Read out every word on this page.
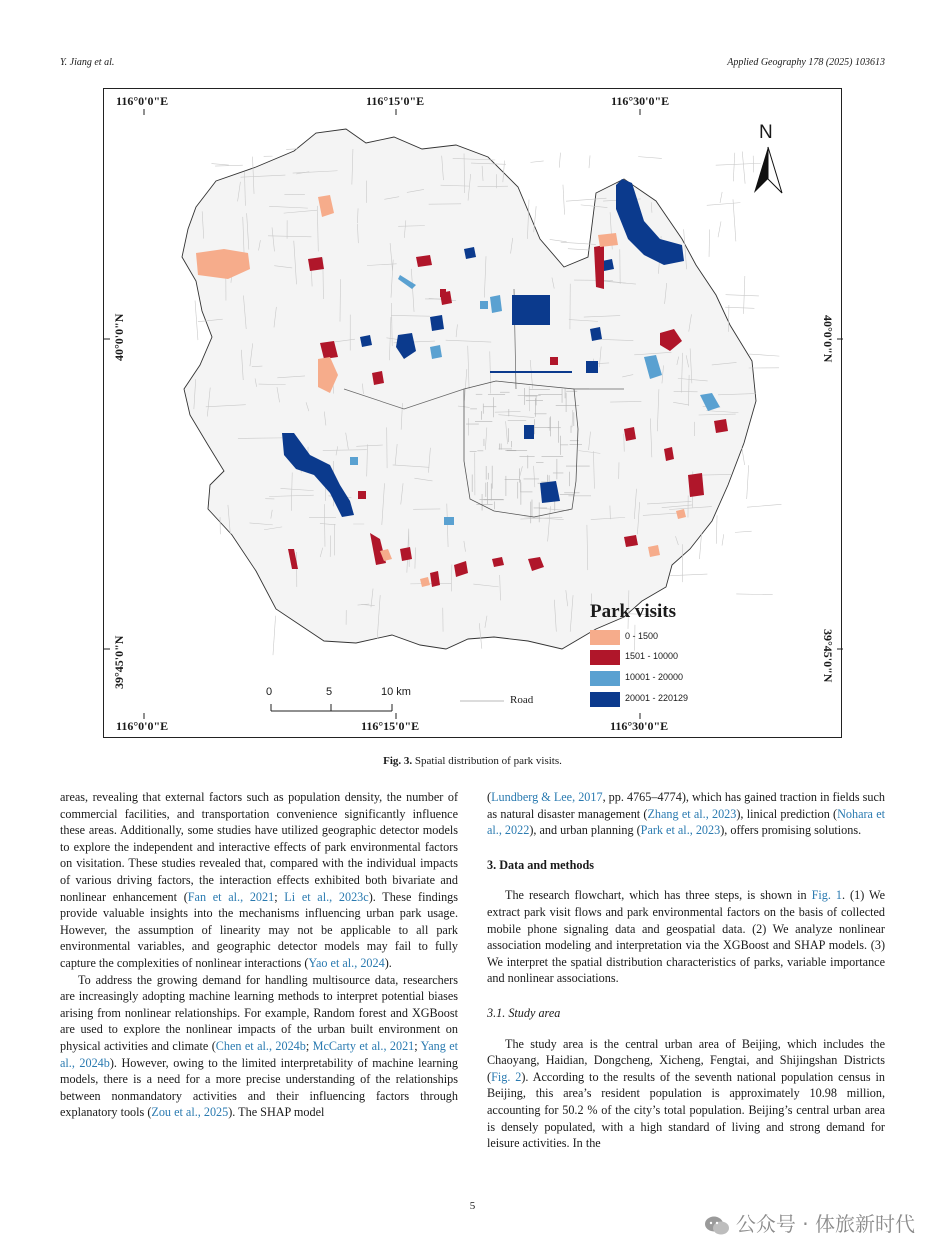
Y. Jiang et al.	Applied Geography 178 (2025) 103613
116°0'0"E	116°15'0"E	116°30'0"E
116°0'0"E	116°15'0"E	116°30'0"E
40°0'0"N
39°45'0"N
40°0'0"N
39°45'0"N
N
0	5	10 km
Road
Park visits
0 - 1500
1501 - 10000
10001 - 20000
20001 - 220129
Fig. 3. Spatial distribution of park visits.

areas, revealing that external factors such as population density, the number of commercial facilities, and transportation convenience significantly influence these areas. Additionally, some studies have utilized geographic detector models to explore the independent and interactive effects of park environmental factors on visitation. These studies revealed that, compared with the individual impacts of various driving factors, the interaction effects exhibited both bivariate and nonlinear enhancement (Fan et al., 2021; Li et al., 2023c). These findings provide valuable insights into the mechanisms influencing urban park usage. However, the assumption of linearity may not be applicable to all park environmental variables, and geographic detector models may fail to fully capture the complexities of nonlinear interactions (Yao et al., 2024).

To address the growing demand for handling multisource data, researchers are increasingly adopting machine learning methods to interpret potential biases arising from nonlinear relationships. For example, Random forest and XGBoost are used to explore the nonlinear impacts of the urban built environment on physical activities and climate (Chen et al., 2024b; McCarty et al., 2021; Yang et al., 2024b). However, owing to the limited interpretability of machine learning models, there is a need for a more precise understanding of the relationships between nonmandatory activities and their influencing factors through explanatory tools (Zou et al., 2025). The SHAP model

(Lundberg & Lee, 2017, pp. 4765–4774), which has gained traction in fields such as natural disaster management (Zhang et al., 2023), linical prediction (Nohara et al., 2022), and urban planning (Park et al., 2023), offers promising solutions.

3. Data and methods

The research flowchart, which has three steps, is shown in Fig. 1. (1) We extract park visit flows and park environmental factors on the basis of collected mobile phone signaling data and geospatial data. (2) We analyze nonlinear association modeling and interpretation via the XGBoost and SHAP models. (3) We interpret the spatial distribution characteristics of parks, variable importance and nonlinear associations.

3.1. Study area

The study area is the central urban area of Beijing, which includes the Chaoyang, Haidian, Dongcheng, Xicheng, Fengtai, and Shijingshan Districts (Fig. 2). According to the results of the seventh national population census in Beijing, this area’s resident population is approximately 10.98 million, accounting for 50.2 % of the city’s total population. Beijing’s central urban area is densely populated, with a high standard of living and strong demand for leisure activities. In the

5
公众号 · 体旅新时代
